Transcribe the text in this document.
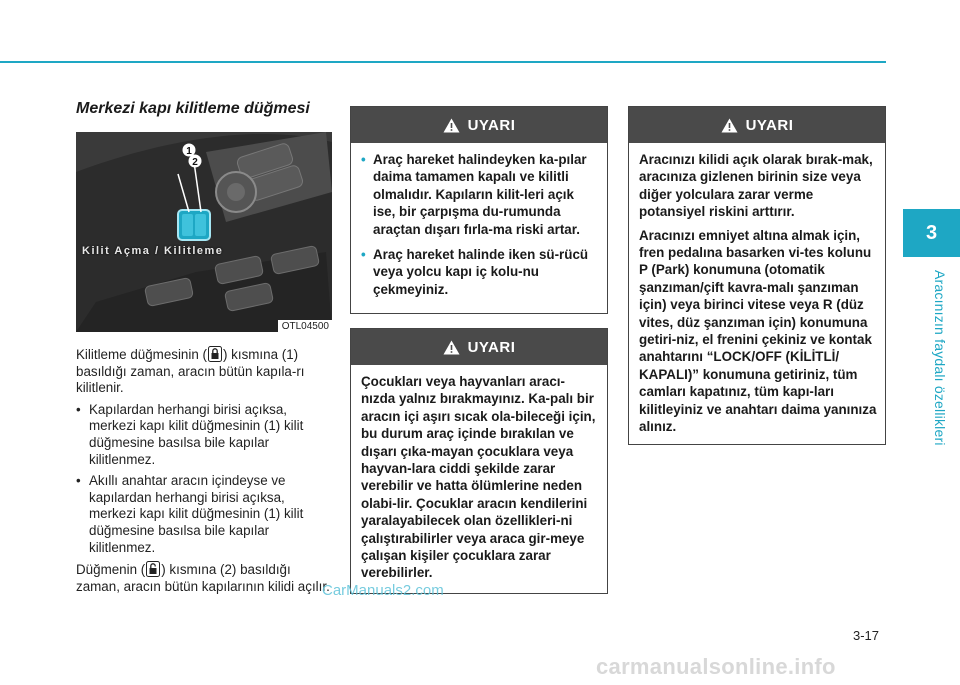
3
Aracınızın faydalı özellikleri
Merkezi kapı kilitleme düğmesi
2
1
Kilit Açma / Kilitleme
OTL04500

Kilitleme düğmesinin ( ) kısmına (1) basıldığı zaman, aracın bütün kapıla-rı kilitlenir.

• Kapılardan herhangi birisi açıksa, merkezi kapı kilit düğmesinin (1) kilit düğmesine basılsa bile kapılar kilitlenmez.
• Akıllı anahtar aracın içindeyse ve kapılardan herhangi birisi açıksa, merkezi kapı kilit düğmesinin (1) kilit düğmesine basılsa bile kapılar kilitlenmez.

Düğmenin ( ) kısmına (2) basıldığı zaman, aracın bütün kapılarının kilidi açılır.

UYARI
• Araç hareket halindeyken ka-pılar daima tamamen kapalı ve kilitli olmalıdır. Kapıların kilit-leri açık ise, bir çarpışma du-rumunda araçtan dışarı fırla-ma riski artar.
• Araç hareket halinde iken sü-rücü veya yolcu kapı iç kolu-nu çekmeyiniz.
UYARI

Çocukları veya hayvanları aracı-nızda yalnız bırakmayınız. Ka-palı bir aracın içi aşırı sıcak ola-bileceği için, bu durum araç içinde bırakılan ve dışarı çıka-mayan çocuklara veya hayvan-lara ciddi şekilde zarar verebilir ve hatta ölümlerine neden olabi-lir. Çocuklar aracın kendilerini yaralayabilecek olan özellikleri-ni çalıştırabilirler veya araca gir-meye çalışan kişiler çocuklara zarar verebilirler.

UYARI

Aracınızı kilidi açık olarak bırak-mak, aracınıza gizlenen birinin size veya diğer yolculara zarar verme potansiyel riskini arttırır.

Aracınızı emniyet altına almak için, fren pedalına basarken vi-tes kolunu P (Park) konumuna (otomatik şanzıman/çift kavra-malı şanzıman için) veya birinci vitese veya R (düz vites, düz şanzıman için) konumuna getiri-niz, el frenini çekiniz ve kontak anahtarını “LOCK/OFF (KİLİTLİ/ KAPALI)” konumuna getiriniz, tüm camları kapatınız, tüm kapı-ları kilitleyiniz ve anahtarı daima yanınıza alınız.

3-17
CarManuals2.com
carmanualsonline.info
